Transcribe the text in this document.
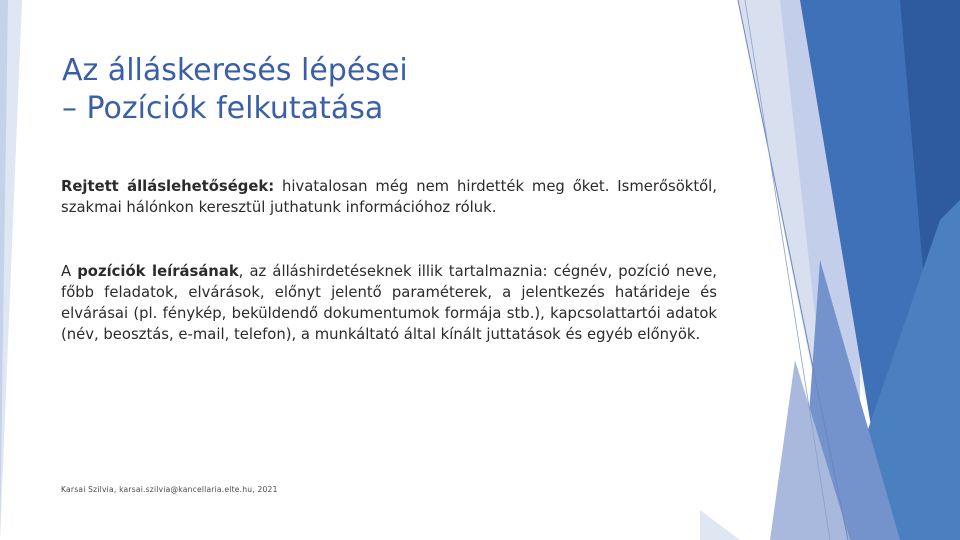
Az álláskeresés lépései
– Pozíciók felkutatása
Rejtett álláslehetőségek: hivatalosan még nem hirdették meg őket. Ismerősöktől, szakmai hálónkon keresztül juthatunk információhoz róluk.
A pozíciók leírásának, az álláshirdetéseknek illik tartalmaznia: cégnév, pozíció neve, főbb feladatok, elvárások, előnyt jelentő paraméterek, a jelentkezés határideje és elvárásai (pl. fénykép, beküldendő dokumentumok formája stb.), kapcsolattartói adatok (név, beosztás, e-mail, telefon), a munkáltató által kínált juttatások és egyéb előnyök.
Karsai Szilvia, karsai.szilvia@kancellaria.elte.hu, 2021
